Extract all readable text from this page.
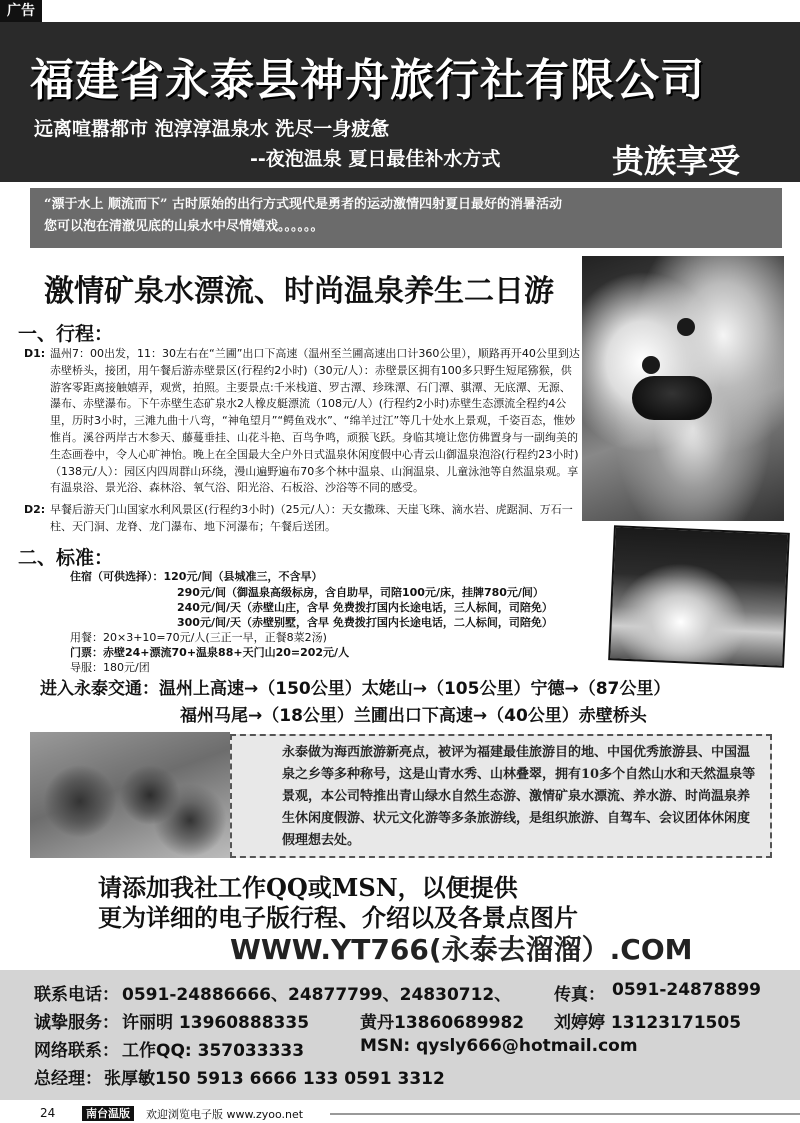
广告
福建省永泰县神舟旅行社有限公司
远离喧嚣都市 泡淳淳温泉水 洗尽一身疲惫
--夜泡温泉 夏日最佳补水方式	贵族享受
“漂于水上 顺流而下” 古时原始的出行方式现代是勇者的运动激情四射夏日最好的消暑活动
您可以泡在清澈见底的山泉水中尽情嬉戏。。。。。。
激情矿泉水漂流、时尚温泉养生二日游
一、行程：
D1: 温州7：00出发，11：30左右在“兰圃”出口下高速（温州至兰圃高速出口计360公里），顺路再开40公里到达赤壁桥头，接团，用午餐后游赤壁景区(行程约2小时)（30元/人）：赤壁景区拥有100多只野生短尾猕猴，供游客零距离接触嬉弄，观赏，拍照。主要景点:千米栈道、罗古潭、珍珠潭、石门潭、骐潭、无底潭、无源、瀑布、赤壁瀑布。下午赤壁生态矿泉水2人橡皮艇漂流（108元/人）(行程约2小时)赤壁生态漂流全程约4公里，历时3小时，三滩九曲十八弯，“神龟望月”“鳄鱼戏水”、“绵羊过江”等几十处水上景观，千姿百态，惟妙惟肖。溪谷两岸古木参天、藤蔓垂挂、山花斗艳、百鸟争鸣，顽猴飞跃。身临其境让您仿佛置身与一副绚美的生态画卷中，令人心旷神怡。晚上在全国最大全户外日式温泉休闲度假中心青云山御温泉泡浴(行程约23小时)（138元/人）：园区内四周群山环绕，漫山遍野遍布70多个林中温泉、山涧温泉、儿童泳池等自然温泉观。享有温泉浴、景光浴、森林浴、氧气浴、阳光浴、石板浴、沙浴等不同的感受。
D2: 早餐后游天门山国家水利风景区(行程约3小时)（25元/人）：天女撒珠、天崖飞珠、滴水岩、虎踞洞、万石一柱、天门洞、龙脊、龙门瀑布、地下河瀑布；午餐后送团。
二、标准：
住宿（可供选择）：120元/间（县城准三，不含早）
290元/间（御温泉高级标房，含自助早，司陪100元/床，挂牌780元/间）
240元/间/天（赤壁山庄，含早 免费拨打国内长途电话，三人标间，司陪免）
300元/间/天（赤壁别墅，含早 免费拨打国内长途电话，二人标间，司陪免）
用餐：20×3+10=70元/人(三正一早，正餐8菜2汤)
门票：赤壁24+漂流70+温泉88+天门山20=202元/人
导服：180元/团
进入永泰交通：温州上高速→（150公里）太姥山→（105公里）宁德→（87公里）
福州马尾→（18公里）兰圃出口下高速→（40公里）赤壁桥头
永泰做为海西旅游新亮点，被评为福建最佳旅游目的地、中国优秀旅游县、中国温泉之乡等多种称号，这是山青水秀、山林叠翠，拥有10多个自然山水和天然温泉等景观，本公司特推出青山绿水自然生态游、激情矿泉水漂流、养水游、时尚温泉养生休闲度假游、状元文化游等多条旅游线，是组织旅游、自驾车、会议团体休闲度假理想去处。
请添加我社工作QQ或MSN，以便提供
更为详细的电子版行程、介绍以及各景点图片
WWW.YT766(永泰去溜溜）.COM
联系电话： 0591-24886666、24877799、24830712、	传真： 0591-24878899
诚挚服务： 许丽明 13960888335	黄丹13860689982 刘婷婷 13123171505
网络联系： 工作QQ: 357033333	MSN: qysly666@hotmail.com
总经理： 张厚敏150 5913 6666 133 0591 3312
24	南台温版	欢迎浏览电子版 www.zyoo.net
